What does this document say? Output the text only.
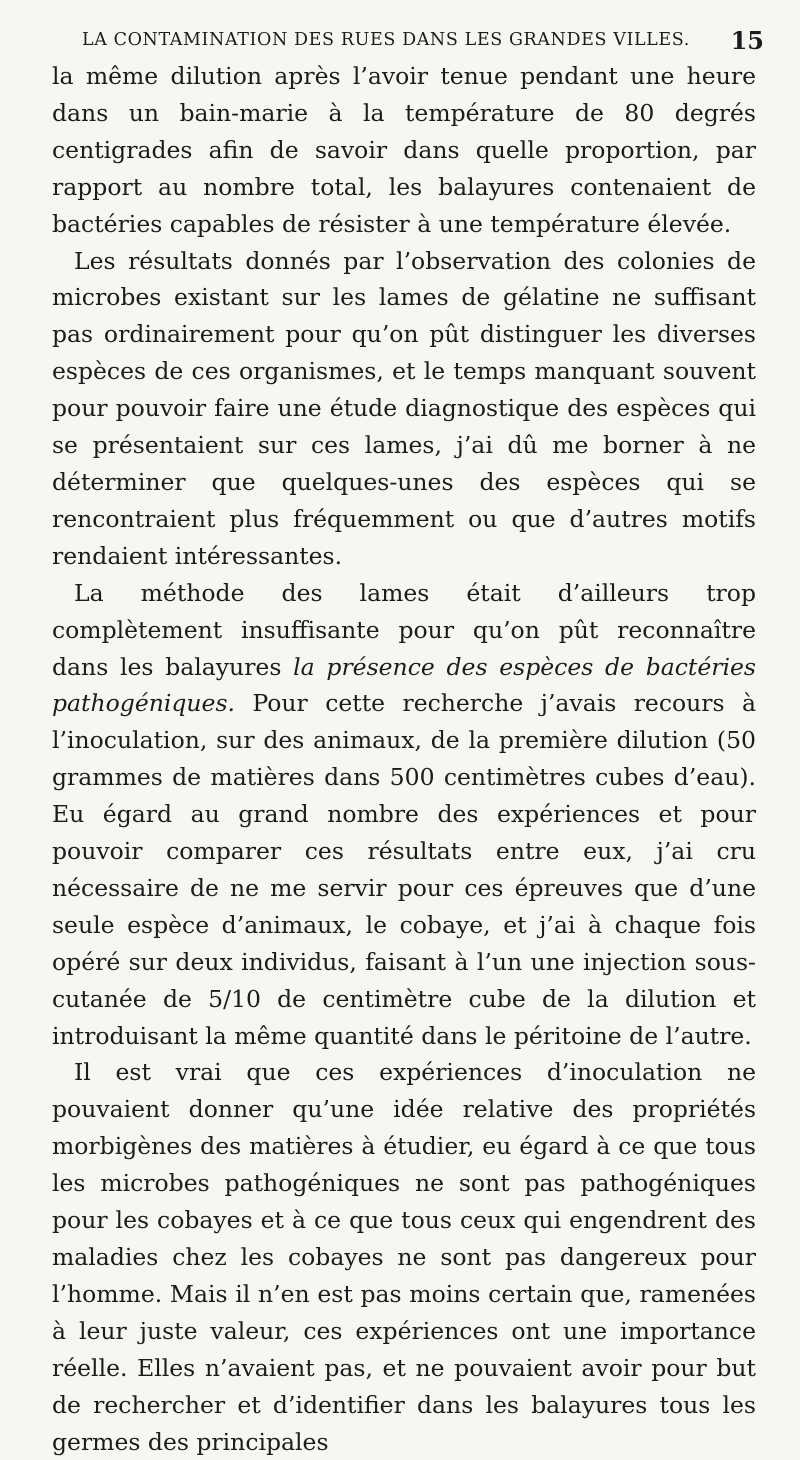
LA CONTAMINATION DES RUES DANS LES GRANDES VILLES. 15

la même dilution après l’avoir tenue pendant une heure dans un bain-marie à la température de 80 degrés centigrades afin de savoir dans quelle proportion, par rapport au nombre total, les balayures contenaient de bactéries capables de résister à une température élevée.

Les résultats donnés par l’observation des colonies de microbes existant sur les lames de gélatine ne suffisant pas ordinairement pour qu’on pût distinguer les diverses espèces de ces organismes, et le temps manquant souvent pour pouvoir faire une étude diagnostique des espèces qui se présentaient sur ces lames, j’ai dû me borner à ne déterminer que quelques-unes des espèces qui se rencontraient plus fréquemment ou que d’autres motifs rendaient intéressantes.

La méthode des lames était d’ailleurs trop complètement insuffisante pour qu’on pût reconnaître dans les balayures la présence des espèces de bactéries pathogéniques. Pour cette recherche j’avais recours à l’inoculation, sur des animaux, de la première dilution (50 grammes de matières dans 500 centimètres cubes d’eau). Eu égard au grand nombre des expériences et pour pouvoir comparer ces résultats entre eux, j’ai cru nécessaire de ne me servir pour ces épreuves que d’une seule espèce d’animaux, le cobaye, et j’ai à chaque fois opéré sur deux individus, faisant à l’un une injection sous-cutanée de 5/10 de centimètre cube de la dilution et introduisant la même quantité dans le péritoine de l’autre.

Il est vrai que ces expériences d’inoculation ne pouvaient donner qu’une idée relative des propriétés morbigènes des matières à étudier, eu égard à ce que tous les microbes pathogéniques ne sont pas pathogéniques pour les cobayes et à ce que tous ceux qui engendrent des maladies chez les cobayes ne sont pas dangereux pour l’homme. Mais il n’en est pas moins certain que, ramenées à leur juste valeur, ces expériences ont une importance réelle. Elles n’avaient pas, et ne pouvaient avoir pour but de rechercher et d’identifier dans les balayures tous les germes des principales
